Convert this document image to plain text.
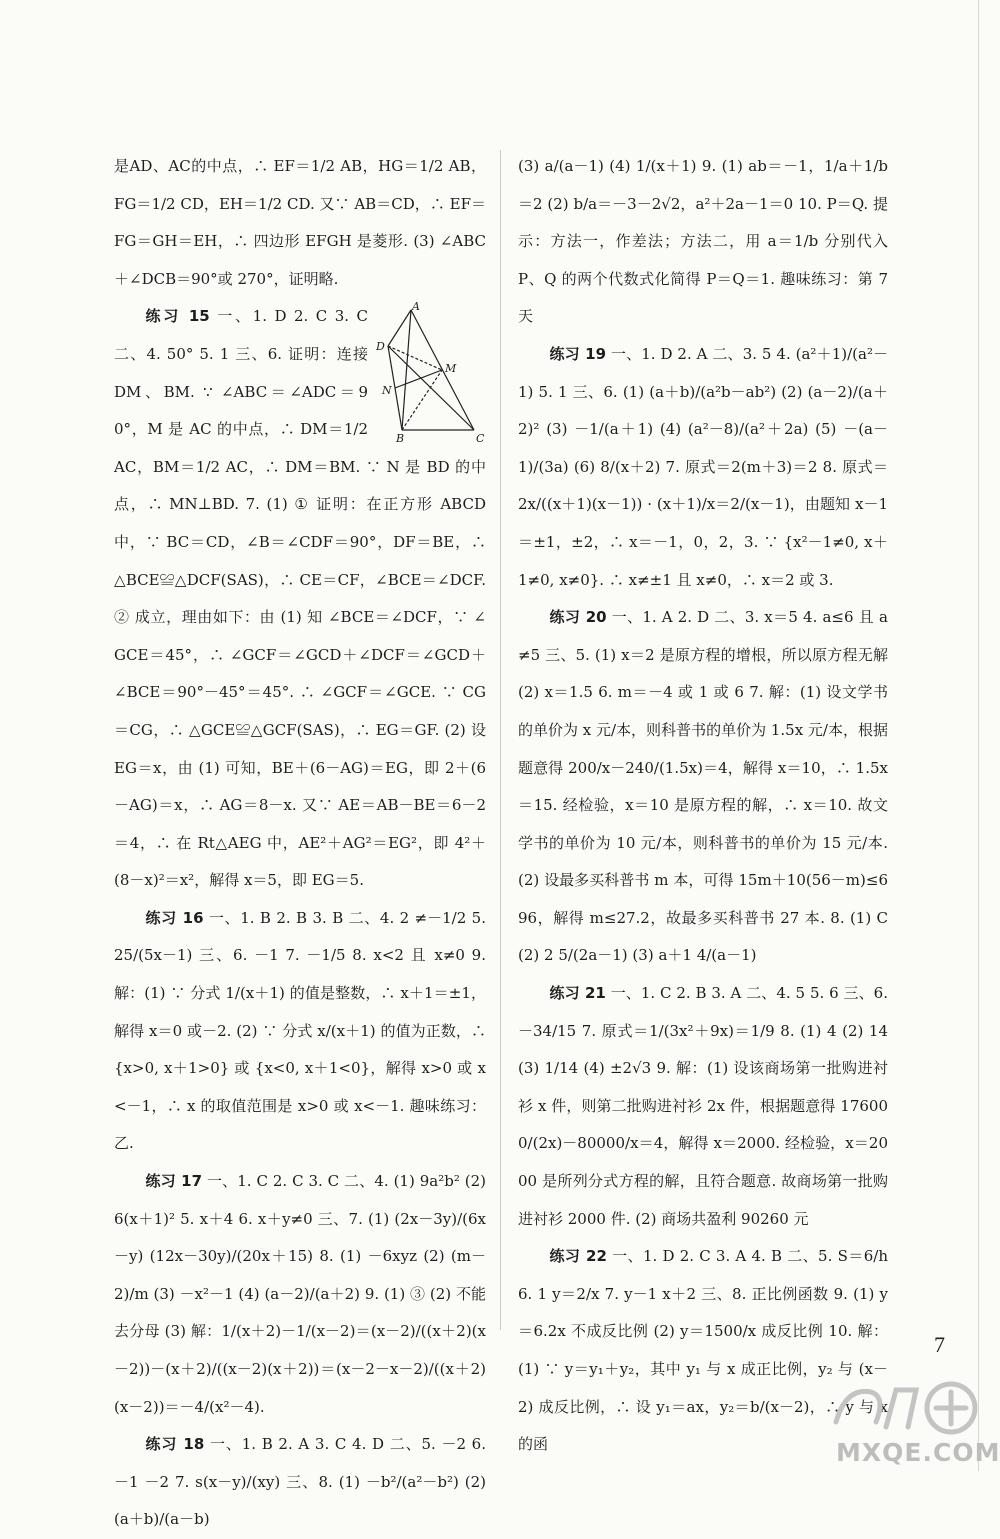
是AD、AC的中点，∴ EF＝1/2 AB，HG＝1/2 AB，FG＝1/2 CD，EH＝1/2 CD. 又∵ AB＝CD，∴ EF＝FG＝GH＝EH，∴ 四边形 EFGH 是菱形. (3) ∠ABC＋∠DCB＝90°或 270°，证明略.

A
D
M
N
B	C
练习 15 一、1. D 2. C 3. C 二、4. 50° 5. 1 三、6. 证明：连接 DM、BM. ∵ ∠ABC＝∠ADC＝90°，M 是 AC 的中点，∴ DM＝1/2 AC，BM＝1/2 AC，∴ DM＝BM. ∵ N 是 BD 的中点，∴ MN⊥BD. 7. (1) ① 证明：在正方形 ABCD 中，∵ BC＝CD，∠B＝∠CDF＝90°，DF＝BE，∴ △BCE≌△DCF(SAS)，∴ CE＝CF，∠BCE＝∠DCF. ② 成立，理由如下：由 (1) 知 ∠BCE＝∠DCF，∵ ∠GCE＝45°，∴ ∠GCF＝∠GCD＋∠DCF＝∠GCD＋∠BCE＝90°－45°＝45°. ∴ ∠GCF＝∠GCE. ∵ CG＝CG，∴ △GCE≌△GCF(SAS)，∴ EG＝GF. (2) 设 EG＝x，由 (1) 可知，BE＋(6－AG)＝EG，即 2＋(6－AG)＝x，∴ AG＝8－x. 又∵ AE＝AB－BE＝6－2＝4，∴ 在 Rt△AEG 中，AE²＋AG²＝EG²，即 4²＋(8－x)²＝x²，解得 x＝5，即 EG＝5.

练习 16 一、1. B 2. B 3. B 二、4. 2 ≠－1/2 5. 25/(5x－1) 三、6. －1 7. －1/5 8. x<2 且 x≠0 9. 解：(1) ∵ 分式 1/(x＋1) 的值是整数，∴ x＋1＝±1，解得 x＝0 或－2. (2) ∵ 分式 x/(x＋1) 的值为正数，∴ {x>0, x＋1>0} 或 {x<0, x＋1<0}，解得 x>0 或 x<－1，∴ x 的取值范围是 x>0 或 x<－1. 趣味练习：乙.

练习 17 一、1. C 2. C 3. C 二、4. (1) 9a²b² (2) 6(x＋1)² 5. x＋4 6. x＋y≠0 三、7. (1) (2x－3y)/(6x－y) (12x－30y)/(20x＋15) 8. (1) －6xyz (2) (m－2)/m (3) －x²－1 (4) (a－2)/(a＋2) 9. (1) ③ (2) 不能去分母 (3) 解：1/(x＋2)－1/(x－2)＝(x－2)/((x＋2)(x－2))－(x＋2)/((x－2)(x＋2))＝(x－2－x－2)/((x＋2)(x－2))＝－4/(x²－4).

练习 18 一、1. B 2. A 3. C 4. D 二、5. －2 6. －1 －2 7. s(x－y)/(xy) 三、8. (1) －b²/(a²－b²) (2) (a＋b)/(a－b)

(3) a/(a－1) (4) 1/(x＋1) 9. (1) ab＝－1，1/a＋1/b＝2 (2) b/a＝－3－2√2，a²＋2a－1＝0 10. P＝Q. 提示：方法一，作差法；方法二，用 a＝1/b 分别代入 P、Q 的两个代数式化简得 P＝Q＝1. 趣味练习：第 7 天

练习 19 一、1. D 2. A 二、3. 5 4. (a²＋1)/(a²－1) 5. 1 三、6. (1) (a＋b)/(a²b－ab²) (2) (a－2)/(a＋2)² (3) －1/(a＋1) (4) (a²－8)/(a²＋2a) (5) －(a－1)/(3a) (6) 8/(x＋2) 7. 原式＝2(m＋3)＝2 8. 原式＝2x/((x＋1)(x－1)) · (x＋1)/x＝2/(x－1)，由题知 x－1＝±1，±2，∴ x＝－1，0，2，3. ∵ {x²－1≠0, x＋1≠0, x≠0}. ∴ x≠±1 且 x≠0，∴ x＝2 或 3.

练习 20 一、1. A 2. D 二、3. x＝5 4. a≤6 且 a≠5 三、5. (1) x＝2 是原方程的增根，所以原方程无解 (2) x＝1.5 6. m＝－4 或 1 或 6 7. 解：(1) 设文学书的单价为 x 元/本，则科普书的单价为 1.5x 元/本，根据题意得 200/x－240/(1.5x)＝4，解得 x＝10，∴ 1.5x＝15. 经检验，x＝10 是原方程的解，∴ x＝10. 故文学书的单价为 10 元/本，则科普书的单价为 15 元/本. (2) 设最多买科普书 m 本，可得 15m＋10(56－m)≤696，解得 m≤27.2，故最多买科普书 27 本. 8. (1) C (2) 2 5/(2a－1) (3) a＋1 4/(a－1)

练习 21 一、1. C 2. B 3. A 二、4. 5 5. 6 三、6. －34/15 7. 原式＝1/(3x²＋9x)＝1/9 8. (1) 4 (2) 14 (3) 1/14 (4) ±2√3 9. 解：(1) 设该商场第一批购进衬衫 x 件，则第二批购进衬衫 2x 件，根据题意得 176000/(2x)－80000/x＝4，解得 x＝2000. 经检验，x＝2000 是所列分式方程的解，且符合题意. 故商场第一批购进衬衫 2000 件. (2) 商场共盈利 90260 元

练习 22 一、1. D 2. C 3. A 4. B 二、5. S＝6/h 6. 1 y＝2/x 7. y－1 x＋2 三、8. 正比例函数 9. (1) y＝6.2x 不成反比例 (2) y＝1500/x 成反比例 10. 解：(1) ∵ y＝y₁＋y₂，其中 y₁ 与 x 成正比例，y₂ 与 (x－2) 成反比例，∴ 设 y₁＝ax，y₂＝b/(x－2)，∴ y 与 x 的函

7
MXQE.COM
